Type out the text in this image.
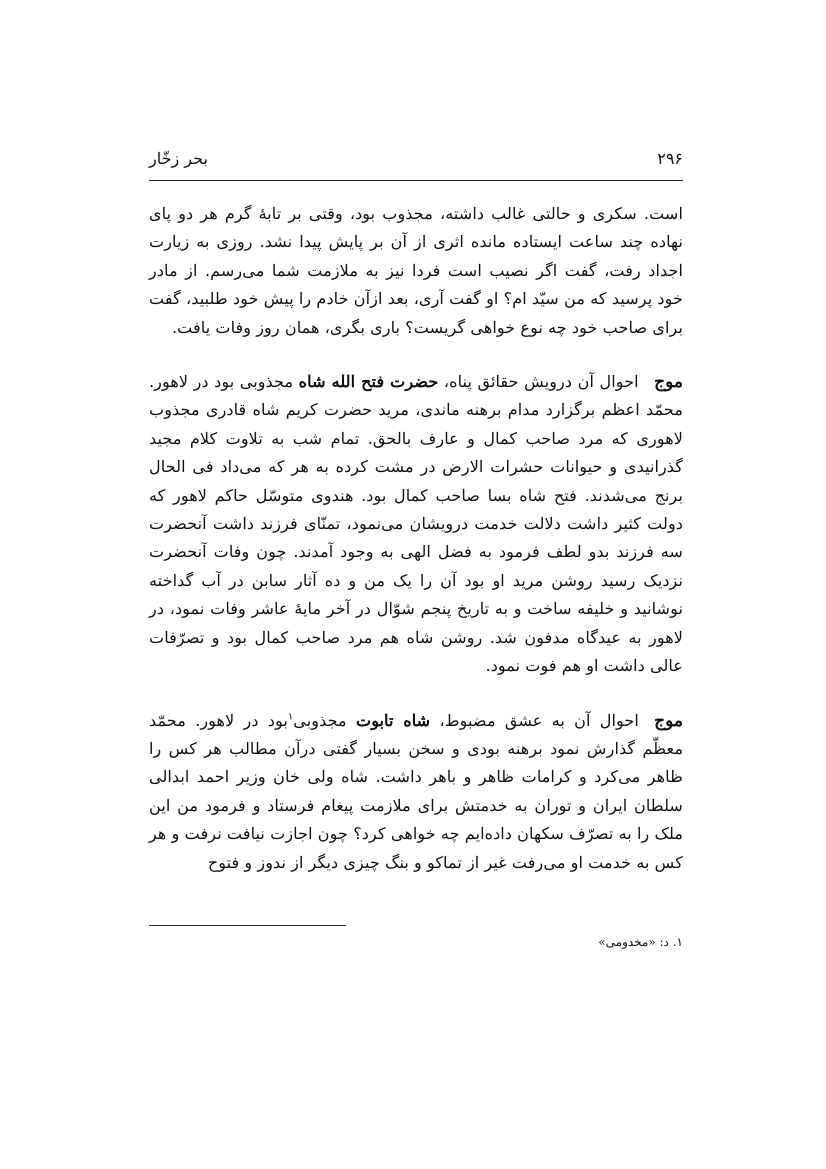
۲۹۶
بحر زخّار

است. سکری و حالتی غالب داشته، مجذوب بود، وقتی بر تابهٔ گرم هر دو پای نهاده چند ساعت ایستاده مانده اثری از آن بر پایش پیدا نشد. روزی به زیارت اجداد رفت، گفت اگر نصیب است فردا نیز به ملازمت شما می‌رسم. از مادر خود پرسید که من سیّد ام؟ او گفت آری، بعد ازآن خادم را پیش خود طلبید، گفت برای صاحب خود چه نوع خواهی گریست؟ باری بگری، همان روز وفات یافت.

موج احوال آن درویش حقائق پناه، حضرت فتح الله شاه مجذوبی بود در لاهور. محمّد اعظم برگزارد مدام برهنه ماندی، مرید حضرت کریم شاه قادری مجذوب لاهوری که مرد صاحب کمال و عارف بالحق. تمام شب به تلاوت کلام مجید گذرانیدی و حیوانات حشرات الارض در مشت کرده به هر که می‌داد فی الحال برنج می‌شدند. فتح شاه بسا صاحب کمال بود. هندوی متوسّل حاکم لاهور که دولت کثیر داشت دلالت خدمت درویشان می‌نمود، تمنّای فرزند داشت آنحضرت سه فرزند بدو لطف فرمود به فضل الهی به وجود آمدند. چون وفات آنحضرت نزدیک رسید روشن مرید او بود آن را یک من و ده آثار سابن در آب گداخته نوشانید و خلیفه ساخت و به تاریخ پنجم شوّال در آخر مایهٔ عاشر وفات نمود، در لاهور به عیدگاه مدفون شد. روشن شاه هم مرد صاحب کمال بود و تصرّفات عالی داشت او هم فوت نمود.

موج احوال آن به عشق مضبوط، شاه تابوت مجذوبی$^۱$بود در لاهور. محمّد معظّم گذارش نمود برهنه بودی و سخن بسیار گفتی درآن مطالب هر کس را ظاهر می‌کرد و کرامات ظاهر و باهر داشت. شاه ولی خان وزیر احمد ابدالی سلطان ایران و توران به خدمتش برای ملازمت پیغام فرستاد و فرمود من این ملک را به تصرّف سکهان داده‌ایم چه خواهی کرد؟ چون اجازت نیافت نرفت و هر کس به خدمت او می‌رفت غیر از تماکو و بنگ چیزی دیگر از ندوز و فتوح

۱. د: «مخدومی»
